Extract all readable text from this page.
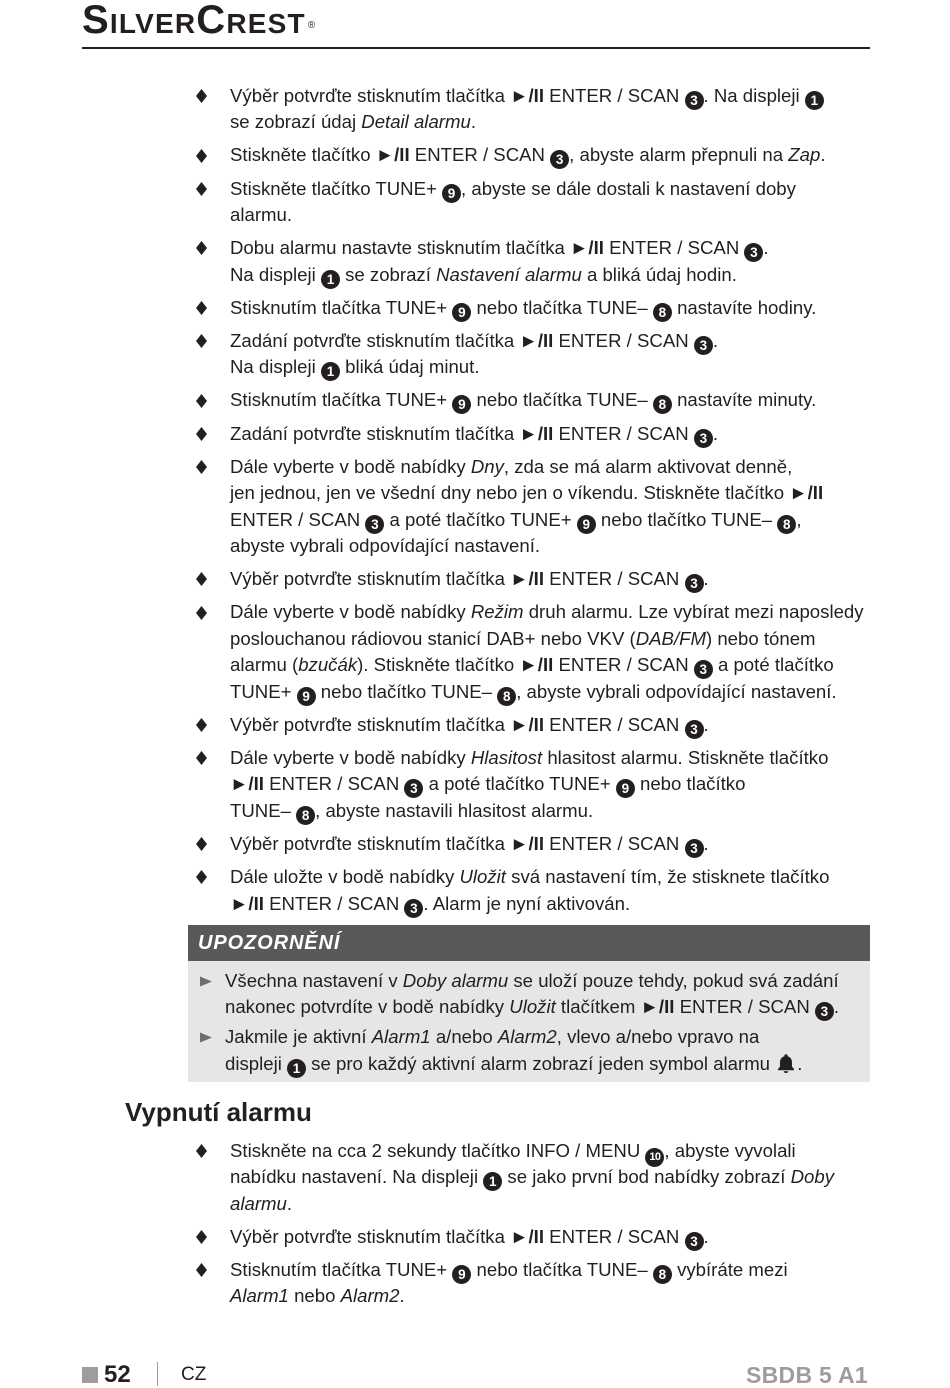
SilverCrest ®
Výběr potvrďte stisknutím tlačítka ►/II ENTER / SCAN 3 . Na displeji 1
se zobrazí údaj Detail alarmu.
Stiskněte tlačítko ►/II ENTER / SCAN 3 , abyste alarm přepnuli na Zap.
Stiskněte tlačítko TUNE+ 9 , abyste se dále dostali k nastavení doby
alarmu.
Dobu alarmu nastavte stisknutím tlačítka ►/II ENTER / SCAN 3 .
Na displeji 1 se zobrazí Nastavení alarmu a bliká údaj hodin.
Stisknutím tlačítka TUNE+ 9 nebo tlačítka TUNE– 8 nastavíte hodiny.
Zadání potvrďte stisknutím tlačítka ►/II ENTER / SCAN 3 .
Na displeji 1 bliká údaj minut.
Stisknutím tlačítka TUNE+ 9 nebo tlačítka TUNE– 8 nastavíte minuty.
Zadání potvrďte stisknutím tlačítka ►/II ENTER / SCAN 3 .
Dále vyberte v bodě nabídky Dny, zda se má alarm aktivovat denně,
jen jednou, jen ve všední dny nebo jen o víkendu. Stiskněte tlačítko ►/II
ENTER / SCAN 3 a poté tlačítko TUNE+ 9 nebo tlačítko TUNE– 8 ,
abyste vybrali odpovídající nastavení.
Výběr potvrďte stisknutím tlačítka ►/II ENTER / SCAN 3 .
Dále vyberte v bodě nabídky Režim druh alarmu. Lze vybírat mezi naposledy
poslouchanou rádiovou stanicí DAB+ nebo VKV (DAB/FM) nebo tónem
alarmu (bzučák). Stiskněte tlačítko ►/II ENTER / SCAN 3 a poté tlačítko
TUNE+ 9 nebo tlačítko TUNE– 8 , abyste vybrali odpovídající nastavení.
Výběr potvrďte stisknutím tlačítka ►/II ENTER / SCAN 3 .
Dále vyberte v bodě nabídky Hlasitost hlasitost alarmu. Stiskněte tlačítko
►/II ENTER / SCAN 3 a poté tlačítko TUNE+ 9 nebo tlačítko
TUNE– 8 , abyste nastavili hlasitost alarmu.
Výběr potvrďte stisknutím tlačítka ►/II ENTER / SCAN 3 .
Dále uložte v bodě nabídky Uložit svá nastavení tím, že stisknete tlačítko
►/II ENTER / SCAN 3 . Alarm je nyní aktivován.
UPOZORNĚNÍ
Všechna nastavení v Doby alarmu se uloží pouze tehdy, pokud svá zadání
nakonec potvrdíte v bodě nabídky Uložit tlačítkem ►/II ENTER / SCAN 3 .
Jakmile je aktivní Alarm1 a/nebo Alarm2, vlevo a/nebo vpravo na
displeji 1 se pro každý aktivní alarm zobrazí jeden symbol alarmu .
Vypnutí alarmu
Stiskněte na cca 2 sekundy tlačítko INFO / MENU 10 , abyste vyvolali
nabídku nastavení. Na displeji 1 se jako první bod nabídky zobrazí Doby
alarmu.
Výběr potvrďte stisknutím tlačítka ►/II ENTER / SCAN 3 .
Stisknutím tlačítka TUNE+ 9 nebo tlačítka TUNE– 8 vybíráte mezi
Alarm1 nebo Alarm2.
52	CZ	SBDB 5 A1
